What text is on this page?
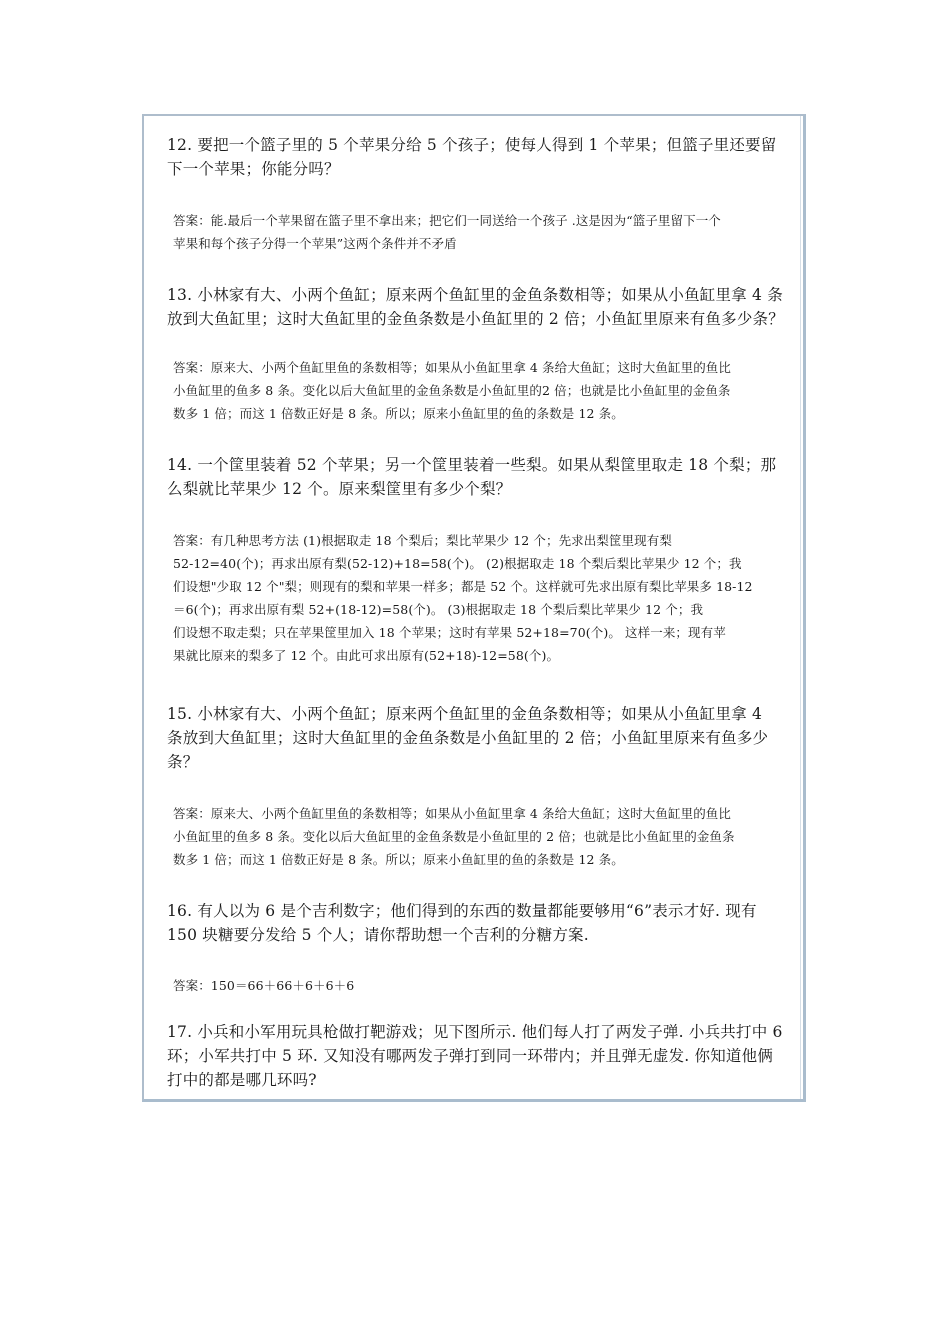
12. 要把一个篮子里的 5 个苹果分给 5 个孩子；使每人得到 1 个苹果；但篮子里还要留
下一个苹果；你能分吗？

答案：能.最后一个苹果留在篮子里不拿出来；把它们一同送给一个孩子 .这是因为“篮子里留下一个
苹果和每个孩子分得一个苹果”这两个条件并不矛盾

13. 小林家有大、小两个鱼缸；原来两个鱼缸里的金鱼条数相等；如果从小鱼缸里拿 4 条
放到大鱼缸里；这时大鱼缸里的金鱼条数是小鱼缸里的 2 倍；小鱼缸里原来有鱼多少条？

答案：原来大、小两个鱼缸里鱼的条数相等；如果从小鱼缸里拿 4 条给大鱼缸；这时大鱼缸里的鱼比
小鱼缸里的鱼多 8 条。变化以后大鱼缸里的金鱼条数是小鱼缸里的2 倍；也就是比小鱼缸里的金鱼条
数多 1 倍；而这 1 倍数正好是 8 条。所以；原来小鱼缸里的鱼的条数是 12 条。

14. 一个筐里装着 52 个苹果；另一个筐里装着一些梨。如果从梨筐里取走 18 个梨；那
么梨就比苹果少 12 个。原来梨筐里有多少个梨？

答案：有几种思考方法 (1)根据取走 18 个梨后；梨比苹果少 12 个；先求出梨筐里现有梨
52-12=40(个)；再求出原有梨(52-12)+18=58(个)。 (2)根据取走 18 个梨后梨比苹果少 12 个；我
们设想"少取 12 个"梨；则现有的梨和苹果一样多；都是 52 个。这样就可先求出原有梨比苹果多 18-12
＝6(个)；再求出原有梨 52+(18-12)=58(个)。 (3)根据取走 18 个梨后梨比苹果少 12 个；我
们设想不取走梨；只在苹果筐里加入 18 个苹果；这时有苹果 52+18=70(个)。 这样一来；现有苹
果就比原来的梨多了 12 个。由此可求出原有(52+18)-12=58(个)。

15. 小林家有大、小两个鱼缸；原来两个鱼缸里的金鱼条数相等；如果从小鱼缸里拿 4
条放到大鱼缸里；这时大鱼缸里的金鱼条数是小鱼缸里的 2 倍；小鱼缸里原来有鱼多少
条？

答案：原来大、小两个鱼缸里鱼的条数相等；如果从小鱼缸里拿 4 条给大鱼缸；这时大鱼缸里的鱼比
小鱼缸里的鱼多 8 条。变化以后大鱼缸里的金鱼条数是小鱼缸里的 2 倍；也就是比小鱼缸里的金鱼条
数多 1 倍；而这 1 倍数正好是 8 条。所以；原来小鱼缸里的鱼的条数是 12 条。

16. 有人以为 6 是个吉利数字；他们得到的东西的数量都能要够用“6”表示才好. 现有
150 块糖要分发给 5 个人；请你帮助想一个吉利的分糖方案.

答案：150＝66＋66＋6＋6＋6

17. 小兵和小军用玩具枪做打靶游戏；见下图所示. 他们每人打了两发子弹. 小兵共打中 6
环；小军共打中 5 环. 又知没有哪两发子弹打到同一环带内；并且弹无虚发. 你知道他俩
打中的都是哪几环吗?
